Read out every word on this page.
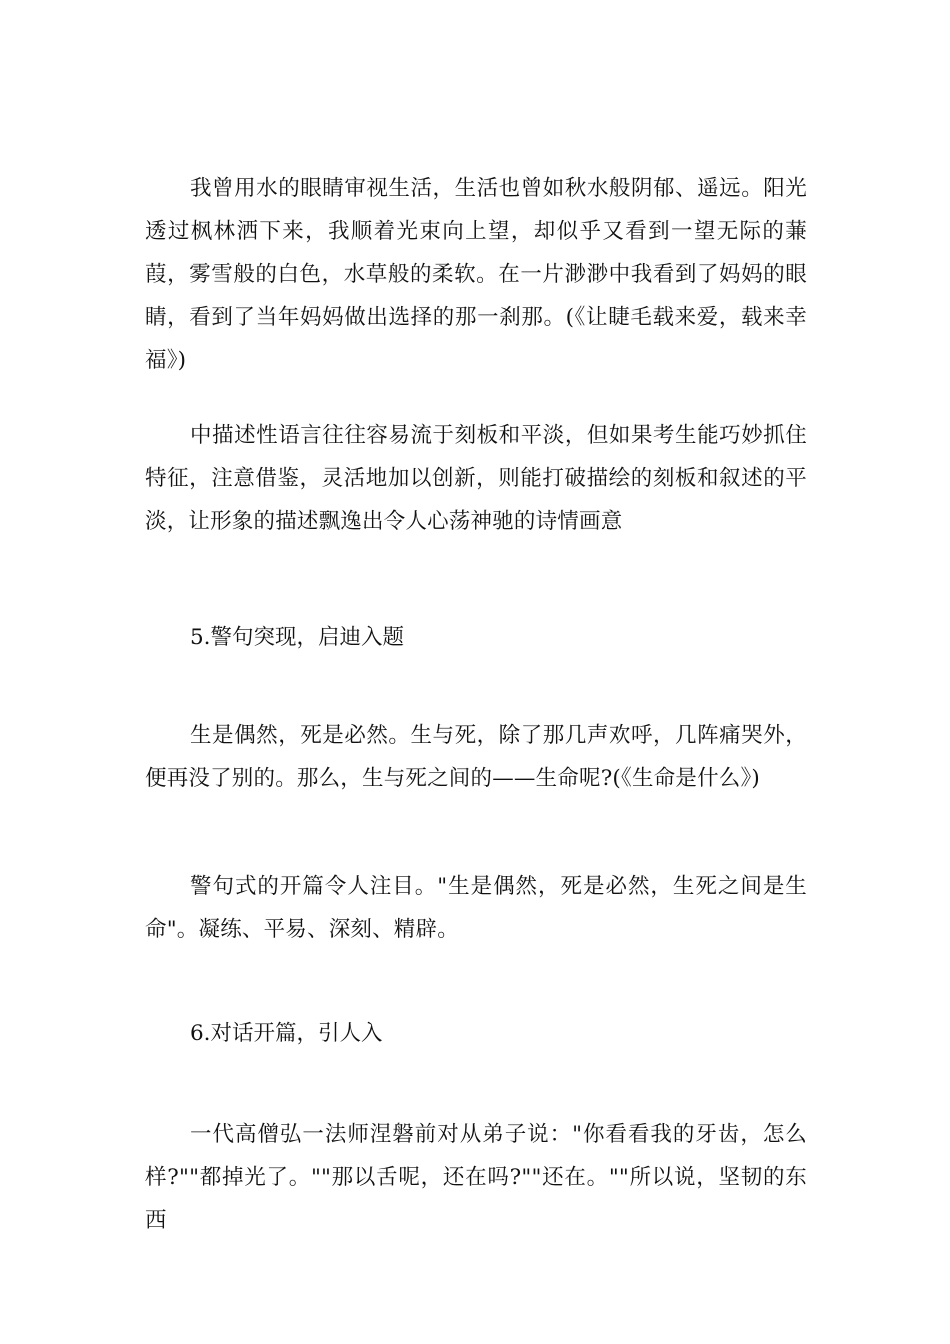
我曾用水的眼睛审视生活，生活也曾如秋水般阴郁、遥远。阳光透过枫林洒下来，我顺着光束向上望，却似乎又看到一望无际的蒹葭，雾雪般的白色，水草般的柔软。在一片渺渺中我看到了妈妈的眼睛，看到了当年妈妈做出选择的那一刹那。(《让睫毛载来爱，载来幸福》)

中描述性语言往往容易流于刻板和平淡，但如果考生能巧妙抓住特征，注意借鉴，灵活地加以创新，则能打破描绘的刻板和叙述的平淡，让形象的描述飘逸出令人心荡神驰的诗情画意

5.警句突现，启迪入题

生是偶然，死是必然。生与死，除了那几声欢呼，几阵痛哭外，便再没了别的。那么，生与死之间的——生命呢?(《生命是什么》)

警句式的开篇令人注目。"生是偶然，死是必然，生死之间是生命"。凝练、平易、深刻、精辟。

6.对话开篇，引人入

一代高僧弘一法师涅磐前对从弟子说："你看看我的牙齿，怎么样?""都掉光了。""那以舌呢，还在吗?""还在。""所以说，坚韧的东西
